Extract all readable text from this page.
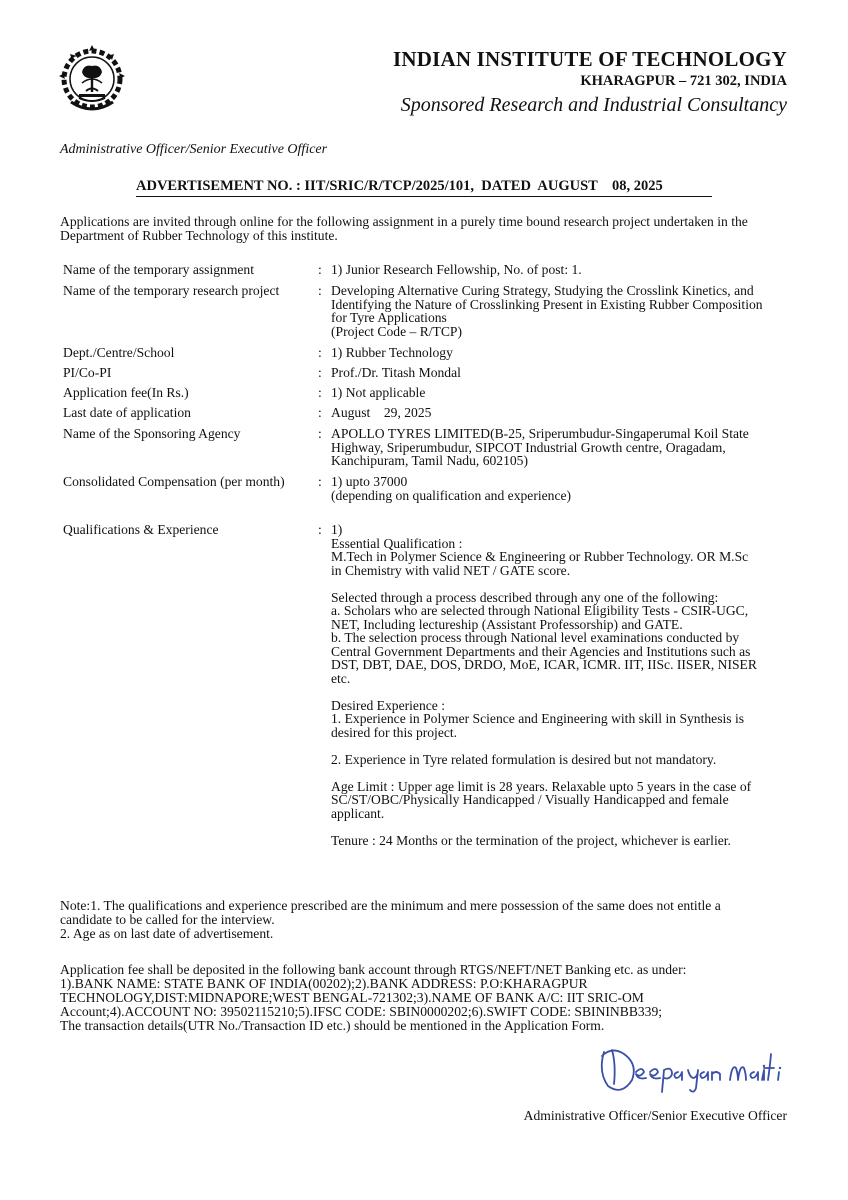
INDIAN INSTITUTE OF TECHNOLOGY
KHARAGPUR – 721 302, INDIA
Sponsored Research and Industrial Consultancy
Administrative Officer/Senior Executive Officer
ADVERTISEMENT NO. : IIT/SRIC/R/TCP/2025/101,  DATED  AUGUST    08, 2025
Applications are invited through online for the following assignment in a purely time bound research project undertaken in the Department of Rubber Technology of this institute.
Name of the temporary assignment	: 1) Junior Research Fellowship, No. of post: 1.
Name of the temporary research project	: Developing Alternative Curing Strategy, Studying the Crosslink Kinetics, and
Identifying the Nature of Crosslinking Present in Existing Rubber Composition
for Tyre Applications
(Project Code – R/TCP)
Dept./Centre/School	: 1) Rubber Technology
PI/Co-PI	: Prof./Dr. Titash Mondal
Application fee(In Rs.)	: 1) Not applicable
Last date of application	: August    29, 2025
Name of the Sponsoring Agency	: APOLLO TYRES LIMITED(B-25, Sriperumbudur-Singaperumal Koil State
Highway, Sriperumbudur, SIPCOT Industrial Growth centre, Oragadam,
Kanchipuram, Tamil Nadu, 602105)
Consolidated Compensation (per month) : 1) upto 37000
(depending on qualification and experience)
Qualifications & Experience	: 1)
Essential Qualification :
M.Tech in Polymer Science & Engineering or Rubber Technology. OR M.Sc
in Chemistry with valid NET / GATE score.
Selected through a process described through any one of the following:
a. Scholars who are selected through National Eligibility Tests - CSIR-UGC,
NET, Including lectureship (Assistant Professorship) and GATE.
b. The selection process through National level examinations conducted by
Central Government Departments and their Agencies and Institutions such as
DST, DBT, DAE, DOS, DRDO, MoE, ICAR, ICMR. IIT, IISc. IISER, NISER
etc.
Desired Experience :
1. Experience in Polymer Science and Engineering with skill in Synthesis is
desired for this project.
2. Experience in Tyre related formulation is desired but not mandatory.
Age Limit : Upper age limit is 28 years. Relaxable upto 5 years in the case of
SC/ST/OBC/Physically Handicapped / Visually Handicapped and female
applicant.
Tenure : 24 Months or the termination of the project, whichever is earlier.
Note:1. The qualifications and experience prescribed are the minimum and mere possession of the same does not entitle a
candidate to be called for the interview.
2. Age as on last date of advertisement.
Application fee shall be deposited in the following bank account through RTGS/NEFT/NET Banking etc. as under:
1).BANK NAME: STATE BANK OF INDIA(00202);2).BANK ADDRESS: P.O:KHARAGPUR
TECHNOLOGY,DIST:MIDNAPORE;WEST BENGAL-721302;3).NAME OF BANK A/C: IIT SRIC-OM
Account;4).ACCOUNT NO: 39502115210;5).IFSC CODE: SBIN0000202;6).SWIFT CODE: SBININBB339;
The transaction details(UTR No./Transaction ID etc.) should be mentioned in the Application Form.
Administrative Officer/Senior Executive Officer
